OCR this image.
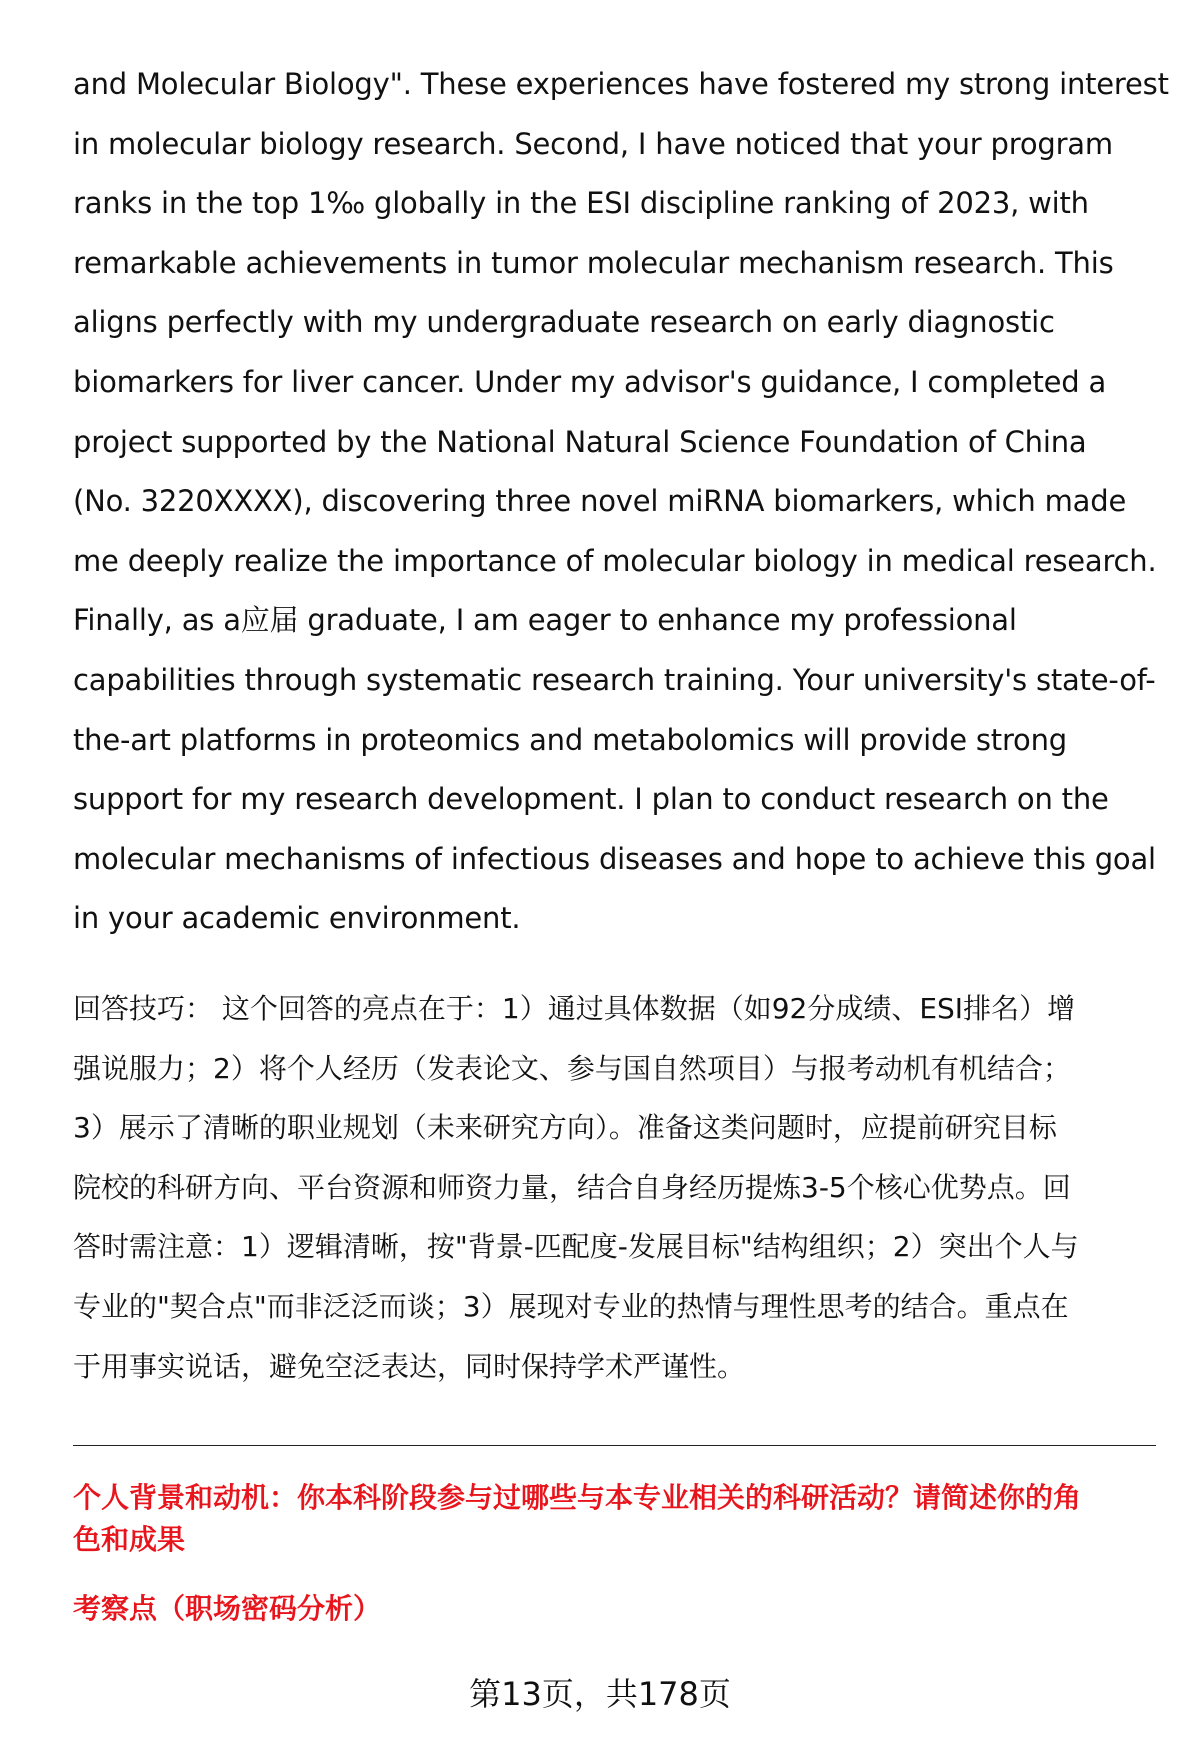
and Molecular Biology". These experiences have fostered my strong interest
in molecular biology research. Second, I have noticed that your program
ranks in the top 1‰ globally in the ESI discipline ranking of 2023, with
remarkable achievements in tumor molecular mechanism research. This
aligns perfectly with my undergraduate research on early diagnostic
biomarkers for liver cancer. Under my advisor's guidance, I completed a
project supported by the National Natural Science Foundation of China
(No. 3220XXXX), discovering three novel miRNA biomarkers, which made
me deeply realize the importance of molecular biology in medical research.
Finally, as a应届 graduate, I am eager to enhance my professional
capabilities through systematic research training. Your university's state-of-
the-art platforms in proteomics and metabolomics will provide strong
support for my research development. I plan to conduct research on the
molecular mechanisms of infectious diseases and hope to achieve this goal
in your academic environment.
回答技巧： 这个回答的亮点在于：1）通过具体数据（如92分成绩、ESI排名）增
强说服力；2）将个人经历（发表论文、参与国自然项目）与报考动机有机结合；
3）展示了清晰的职业规划（未来研究方向）。准备这类问题时，应提前研究目标
院校的科研方向、平台资源和师资力量，结合自身经历提炼3-5个核心优势点。回
答时需注意：1）逻辑清晰，按"背景-匹配度-发展目标"结构组织；2）突出个人与
专业的"契合点"而非泛泛而谈；3）展现对专业的热情与理性思考的结合。重点在
于用事实说话，避免空泛表达，同时保持学术严谨性。
个人背景和动机：你本科阶段参与过哪些与本专业相关的科研活动？请简述你的角
色和成果
考察点（职场密码分析）
第13页，共178页
